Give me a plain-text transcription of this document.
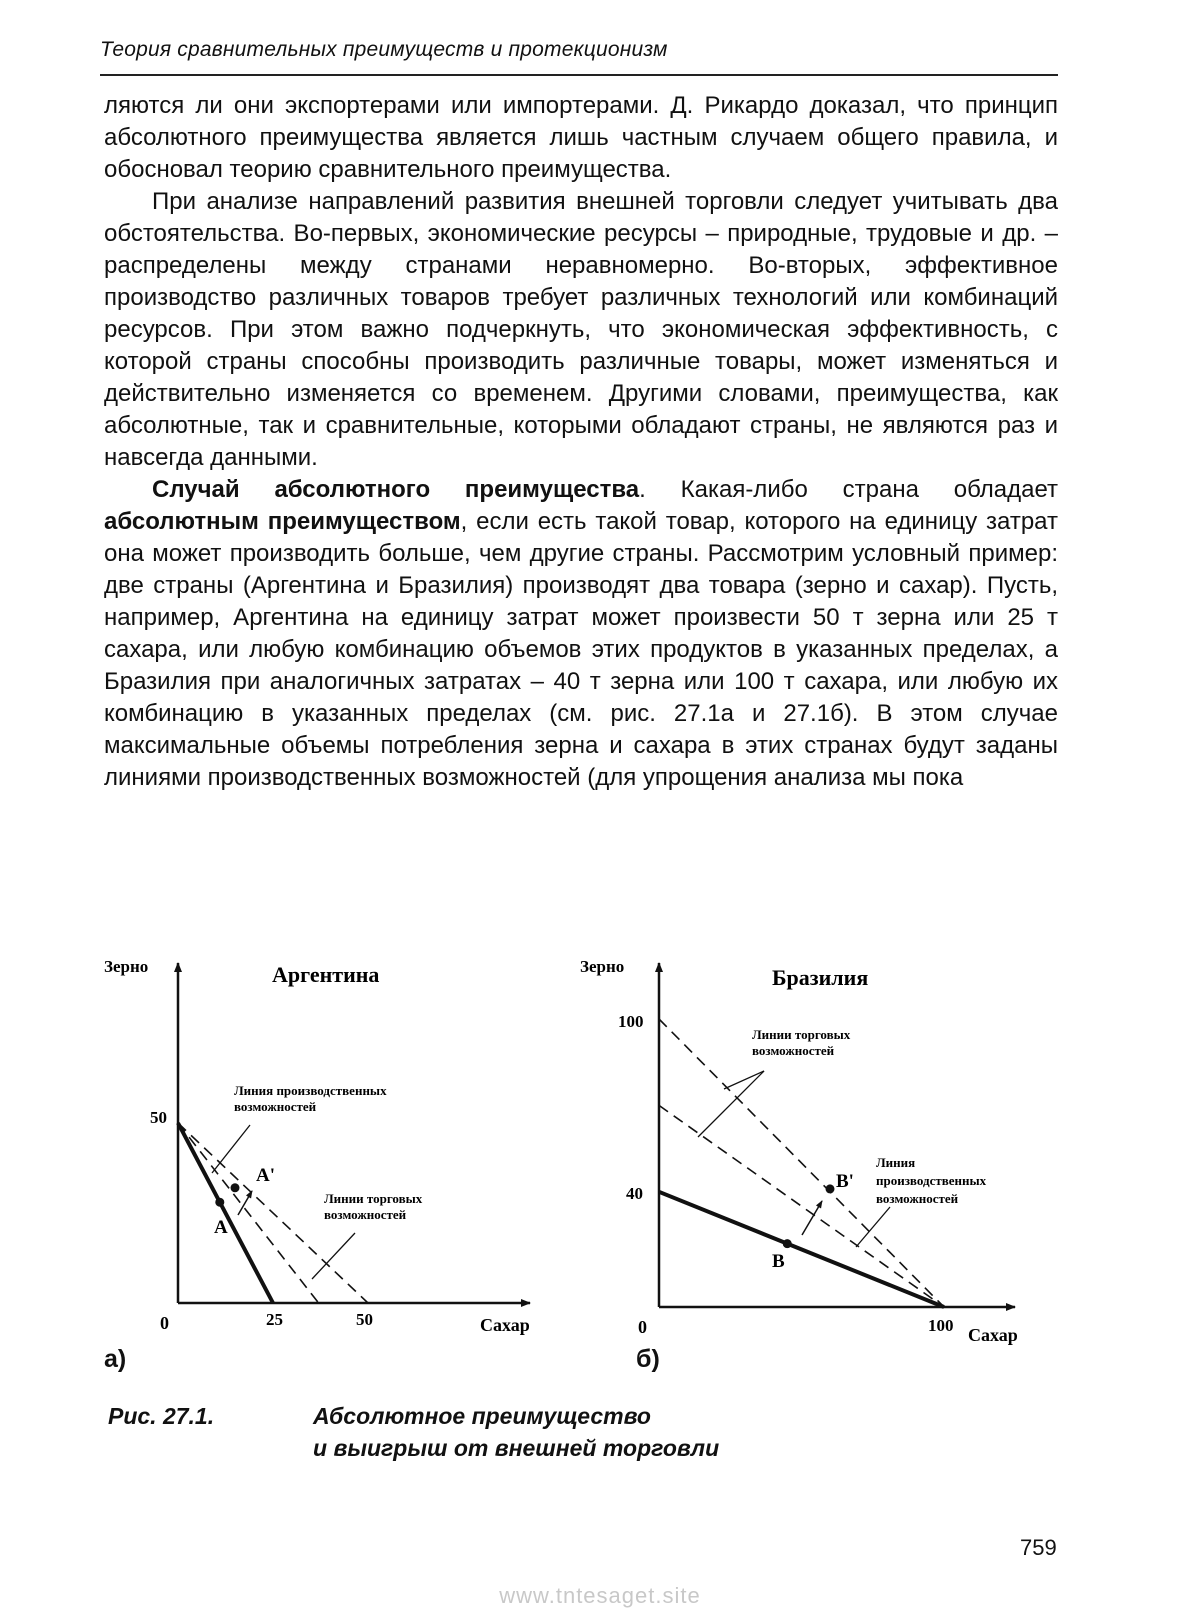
Теория сравнительных преимуществ и протекционизм

ляются ли они экспортерами или импортерами. Д. Рикардо доказал, что принцип абсолютного преимущества является лишь частным случаем общего правила, и обосновал теорию сравнительного преимущества.

При анализе направлений развития внешней торговли следует учитывать два обстоятельства. Во-первых, экономические ресурсы – природные, трудовые и др. – распределены между странами неравномерно. Во-вторых, эффективное производство различных товаров требует различных технологий или комбинаций ресурсов. При этом важно подчеркнуть, что экономическая эффективность, с которой страны способны производить различные товары, может изменяться и действительно изменяется со временем. Другими словами, преимущества, как абсолютные, так и сравнительные, которыми обладают страны, не являются раз и навсегда данными.

Случай абсолютного преимущества. Какая-либо страна обладает абсолютным преимуществом, если есть такой товар, которого на единицу затрат она может производить больше, чем другие страны. Рассмотрим условный пример: две страны (Аргентина и Бразилия) производят два товара (зерно и сахар). Пусть, например, Аргентина на единицу затрат может произвести 50 т зерна или 25 т сахара, или любую комбинацию объемов этих продуктов в указанных пределах, а Бразилия при аналогичных затратах – 40 т зерна или 100 т сахара, или любую их комбинацию в указанных пределах (см. рис. 27.1а и 27.1б). В этом случае максимальные объемы потребления зерна и сахара в этих странах будут заданы линиями производственных возможностей (для упрощения анализа мы пока

Зерно	Аргентина
Сахар
0	25	50
50
A
A'
Линия производственных возможностей
Линии торговых возможностей
Зерно	Бразилия
Сахар
0	100
100
40
B
B'
Линии торговых возможностей
Линия производственных возможностей
а)	б)
Рис. 27.1.	Абсолютное преимущество
и выигрыш от внешней торговли
759
www.tntesaget.site
